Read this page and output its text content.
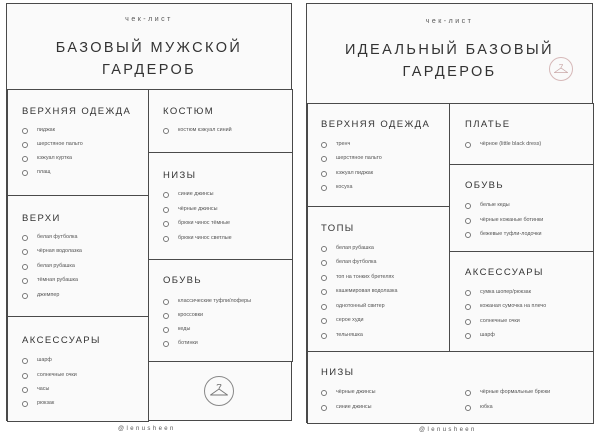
чек-лист
БАЗОВЫЙ МУЖСКОЙ
ГАРДЕРОБ
ВЕРХНЯЯ ОДЕЖДА
пиджак
шерстяное пальто
кэжуал куртка
плащ
ВЕРХИ
белая футболка
чёрная водолазка
белая рубашка
тёмная рубашка
джемпер
АКСЕССУАРЫ
шарф
солнечные очки
часы
рюкзак
КОСТЮМ
костюм кэжуал синий
НИЗЫ
синие джинсы
чёрные джинсы
брюки чинос тёмные
брюки чинос светлые
ОБУВЬ
классические туфли/лоферы
кроссовки
кеды
ботинки
@lenusheen
чек-лист
ИДЕАЛЬНЫЙ БАЗОВЫЙ
ГАРДЕРОБ
ВЕРХНЯЯ ОДЕЖДА
тренч
шерстяное пальто
кэжуал пиджак
косуха
ТОПЫ
белая рубашка
белая футболка
топ на тонких бретелях
кашемировая водолазка
однотонный свитер
серое худи
тельняшка
ПЛАТЬЕ
чёрное (little black dress)
ОБУВЬ
белые кеды
чёрные кожаные ботинки
бежевые туфли-лодочки
АКСЕССУАРЫ
сумка шопер/рюкзак
кожаная сумочка на плечо
солнечные очки
шарф
НИЗЫ
чёрные джинсы
синие джинсы
чёрные формальные брюки
юбка
@lenusheen
